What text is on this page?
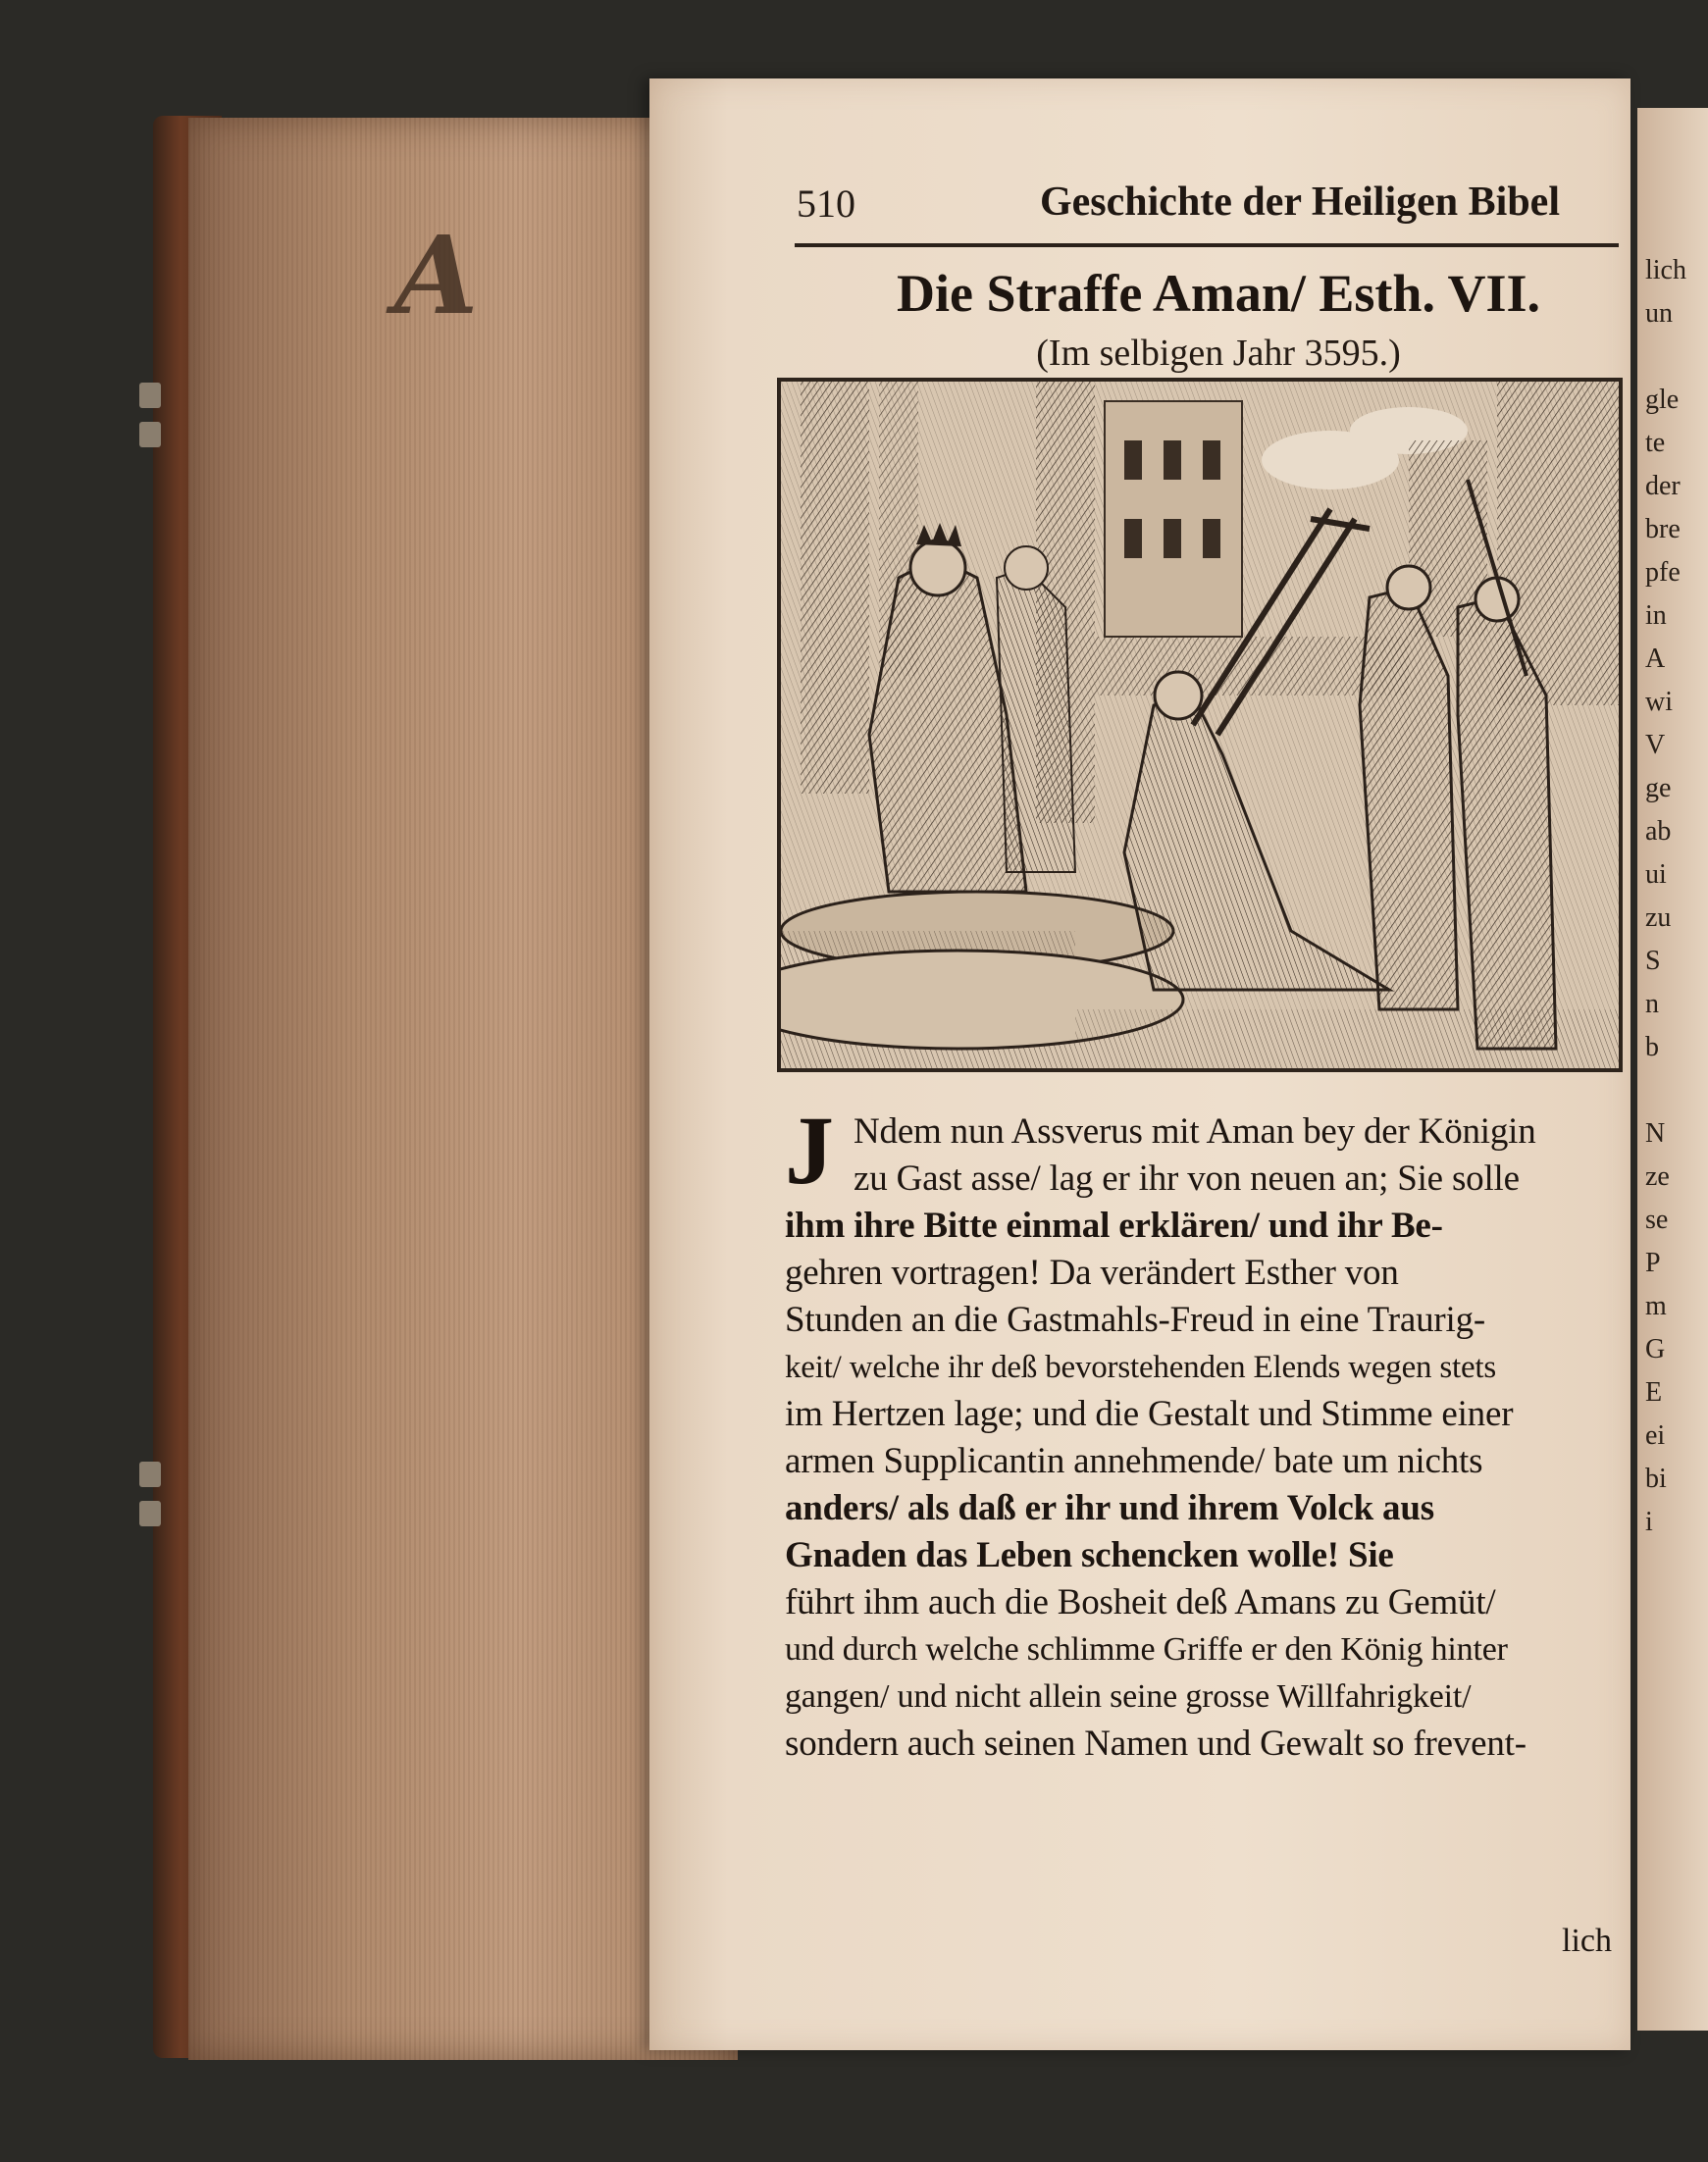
A
510	Geschichte der Heiligen Bibel
Die Straffe Aman/ Esth. VII.
(Im selbigen Jahr 3595.)
J Ndem nun Assverus mit Aman bey der Königin
zu Gast asse/ lag er ihr von neuen an; Sie solle
ihm ihre Bitte einmal erklären/ und ihr Be-
gehren vortragen! Da verändert Esther von
Stunden an die Gastmahls-Freud in eine Traurig-
keit/ welche ihr deß bevorstehenden Elends wegen stets
im Hertzen lage; und die Gestalt und Stimme einer
armen Supplicantin annehmende/ bate um nichts
anders/ als daß er ihr und ihrem Volck aus
Gnaden das Leben schencken wolle! Sie
führt ihm auch die Bosheit deß Amans zu Gemüt/
und durch welche schlimme Griffe er den König hinter
gangen/ und nicht allein seine grosse Willfahrigkeit/
sondern auch seinen Namen und Gewalt so frevent-
lich
lich
un
gle
te
der
bre
pfe
in
A
wi
V
ge
ab
ui
zu
S
n
b
N
ze
se
P
m
G
E
ei
bi
i
